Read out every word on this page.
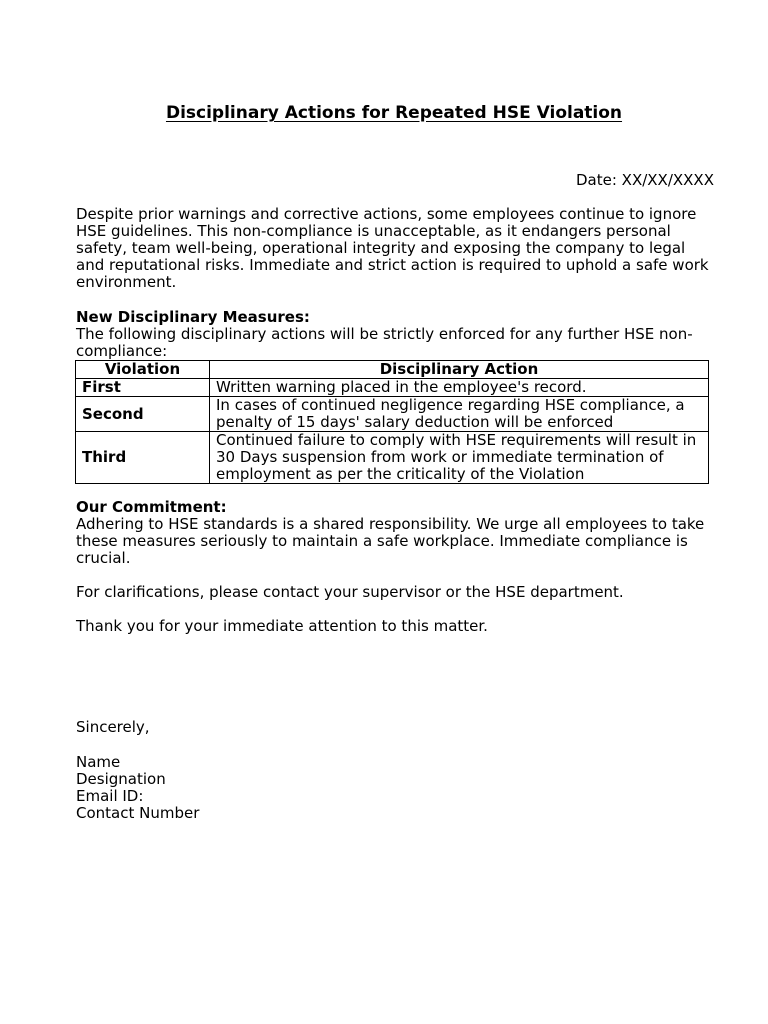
Disciplinary Actions for Repeated HSE Violation
Date: XX/XX/XXXX

Despite prior warnings and corrective actions, some employees continue to ignore HSE guidelines. This non-compliance is unacceptable, as it endangers personal safety, team well-being, operational integrity and exposing the company to legal and reputational risks. Immediate and strict action is required to uphold a safe work environment.

New Disciplinary Measures:
The following disciplinary actions will be strictly enforced for any further HSE non-compliance:
Violation	Disciplinary Action
First	Written warning placed in the employee's record.
Second	In cases of continued negligence regarding HSE compliance, a penalty of 15 days' salary deduction will be enforced
Third	Continued failure to comply with HSE requirements will result in 30 Days suspension from work or immediate termination of employment as per the criticality of the Violation
Our Commitment:
Adhering to HSE standards is a shared responsibility. We urge all employees to take these measures seriously to maintain a safe workplace. Immediate compliance is crucial.
For clarifications, please contact your supervisor or the HSE department.
Thank you for your immediate attention to this matter.
Sincerely,
Name
Designation
Email ID:
Contact Number
